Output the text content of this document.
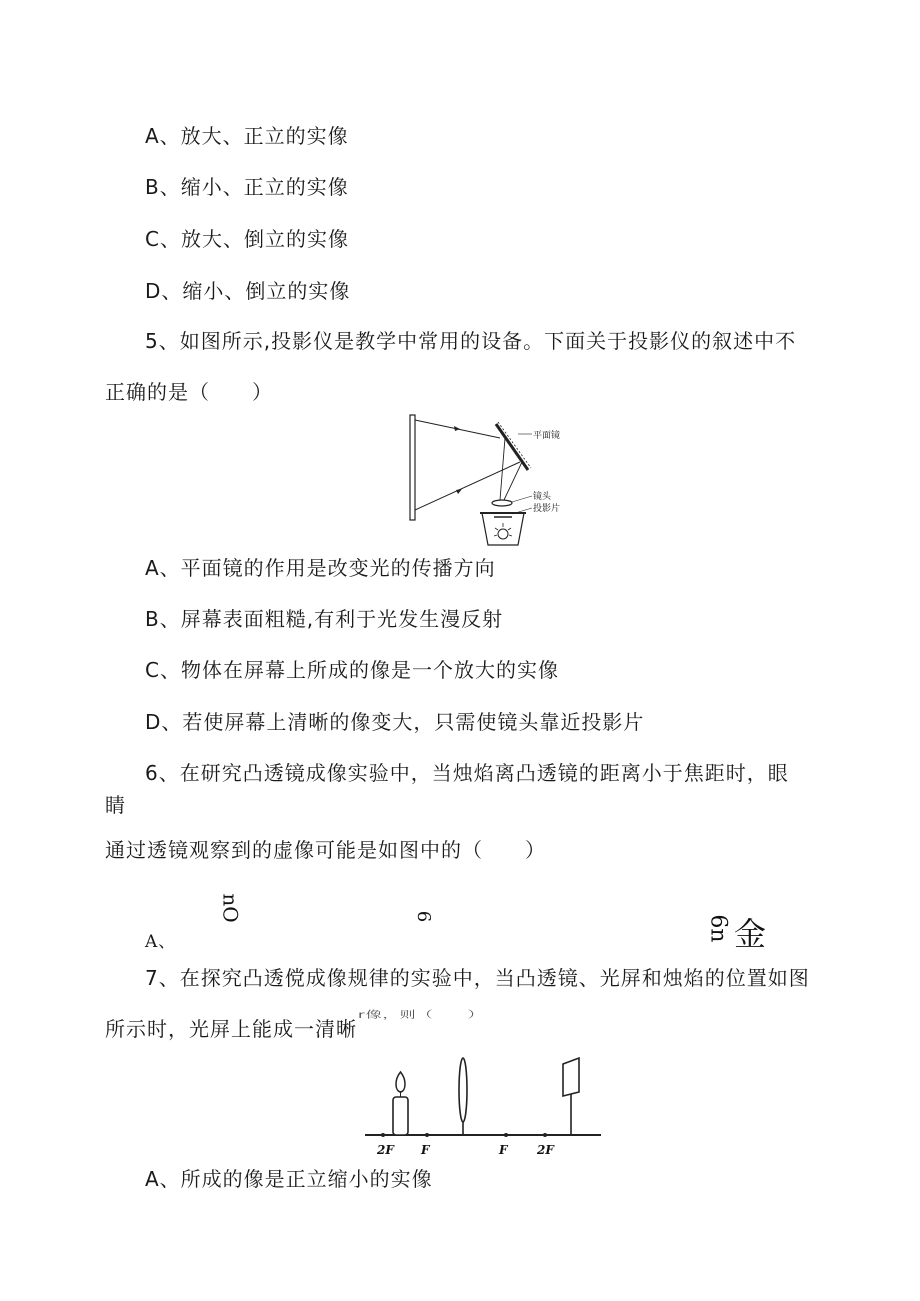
A、放大、正立的实像
B、缩小、正立的实像
C、放大、倒立的实像
D、缩小、倒立的实像
5、如图所示,投影仪是教学中常用的设备。下面关于投影仪的叙述中不
正确的是（　　）
平面镜
镜头
投影片
A、平面镜的作用是改变光的传播方向
B、屏幕表面粗糙,有利于光发生漫反射
C、物体在屏幕上所成的像是一个放大的实像
D、若使屏幕上清晰的像变大，只需使镜头靠近投影片
6、在研究凸透镜成像实验中，当烛焰离凸透镜的距离小于焦距时，眼
睛
通过透镜观察到的虚像可能是如图中的（　　）
A、
nO	6	6n 金
7、在探究凸透傥成像规律的实验中，当凸透镜、光屏和烛焰的位置如图
所示时，光屏上能成一清晰
r像，则（　　）
2F F	F 2F
A、所成的像是正立缩小的实像
